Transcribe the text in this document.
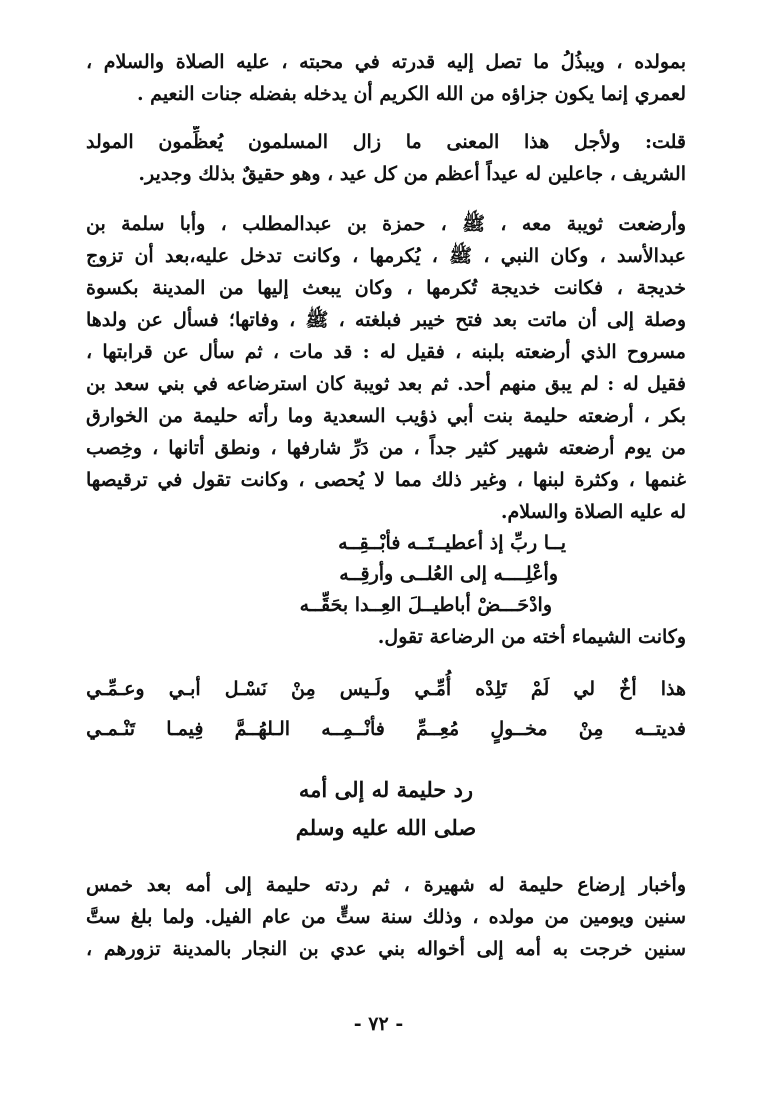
بمولده ، ويبذُلُ ما تصل إليه قدرته في محبته ، عليه الصلاة والسلام ،
لعمري إنما يكون جزاؤه من الله الكريم أن يدخله بفضله جنات النعيم .

قلت: ولأجل هذا المعنى ما زال المسلمون يُعظِّمون المولد
الشريف ، جاعلين له عيداً أعظم من كل عيد ، وهو حقيقٌ بذلك وجدير.

وأرضعت ثويبة معه ، ﷺ ، حمزة بن عبدالمطلب ، وأبا سلمة بن
عبدالأسد ، وكان النبي ، ﷺ ، يُكرمها ، وكانت تدخل عليه،بعد أن تزوج
خديجة ، فكانت خديجة تُكرمها ، وكان يبعث إليها من المدينة بكسوة
وصلة إلى أن ماتت بعد فتح خيبر فبلغته ، ﷺ ، وفاتها؛ فسأل عن ولدها
مسروح الذي أرضعته بلبنه ، فقيل له : قد مات ، ثم سأل عن قرابتها ،
فقيل له : لم يبق منهم أحد. ثم بعد ثويبة كان استرضاعه في بني سعد بن
بكر ، أرضعته حليمة بنت أبي ذؤيب السعدية وما رأته حليمة من الخوارق
من يوم أرضعته شهير كثير جداً ، من دَرِّ شارفها ، ونطق أتانها ، وخِصب
غنمها ، وكثرة لبنها ، وغير ذلك مما لا يُحصى ، وكانت تقول في ترقيصها
له عليه الصلاة والسلام.

يــا ربِّ إذ أعطيــتَــه فأبْــقِــه
وأعْلِــــه إلى العُلــى وأرقِــه
وادْحَـــضْ أباطيــلَ العِــدا بحَقِّــه

وكانت الشيماء أخته من الرضاعة تقول.

هذا
أخٌ
لي
لَمْ
تَلِدْه
أُمِّـي
ولَـيس
مِنْ
نَسْـل
أبـي
وعـمِّـي
فديتــه
مِنْ
مخــولٍ
مُعِــمِّ
فأنْــمِــه
الـلهُــمَّ
فِيمـا
تَنْـمـي

رد حليمة له إلى أمه

صلى الله عليه وسلم

وأخبار إرضاع حليمة له شهيرة ، ثم ردته حليمة إلى أمه بعد خمس
سنين ويومين من مولده ، وذلك سنة ستٍّ من عام الفيل. ولما بلغ ستَّ
سنين خرجت به أمه إلى أخواله بني عدي بن النجار بالمدينة تزورهم ،

- ٧٢ -
